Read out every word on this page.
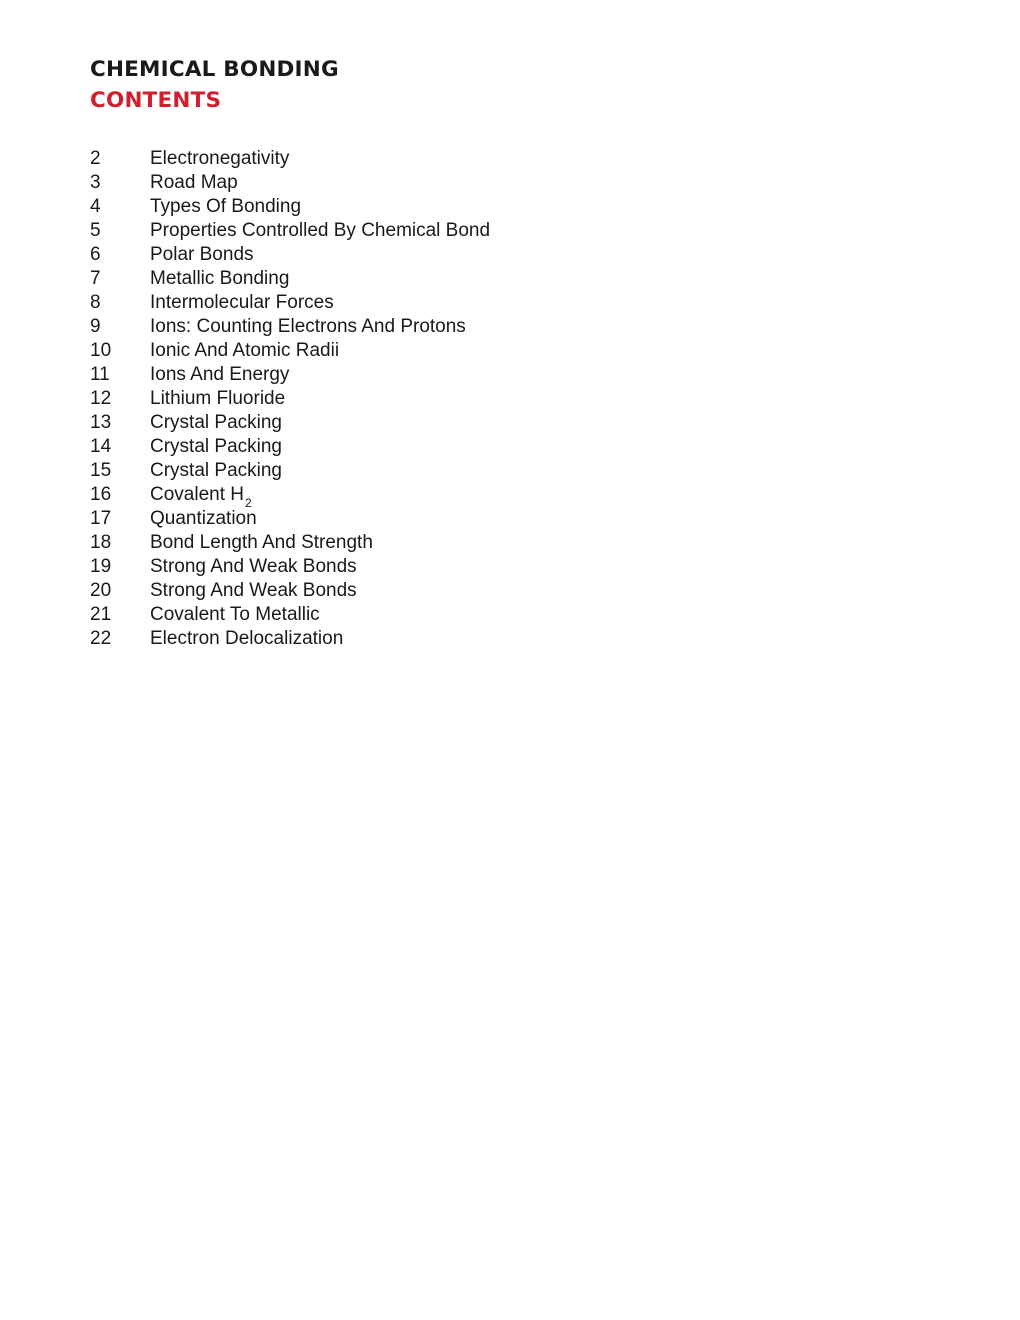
CHEMICAL BONDING
CONTENTS
2	Electronegativity
3	Road Map
4	Types Of Bonding
5	Properties Controlled By Chemical Bond
6	Polar Bonds
7	Metallic Bonding
8	Intermolecular Forces
9	Ions: Counting Electrons And Protons
10	Ionic And Atomic Radii
11	Ions And Energy
12	Lithium Fluoride
13	Crystal Packing
14	Crystal Packing
15	Crystal Packing
16	Covalent $H_2$
17	Quantization
18	Bond Length And Strength
19	Strong And Weak Bonds
20	Strong And Weak Bonds
21	Covalent To Metallic
22	Electron Delocalization
